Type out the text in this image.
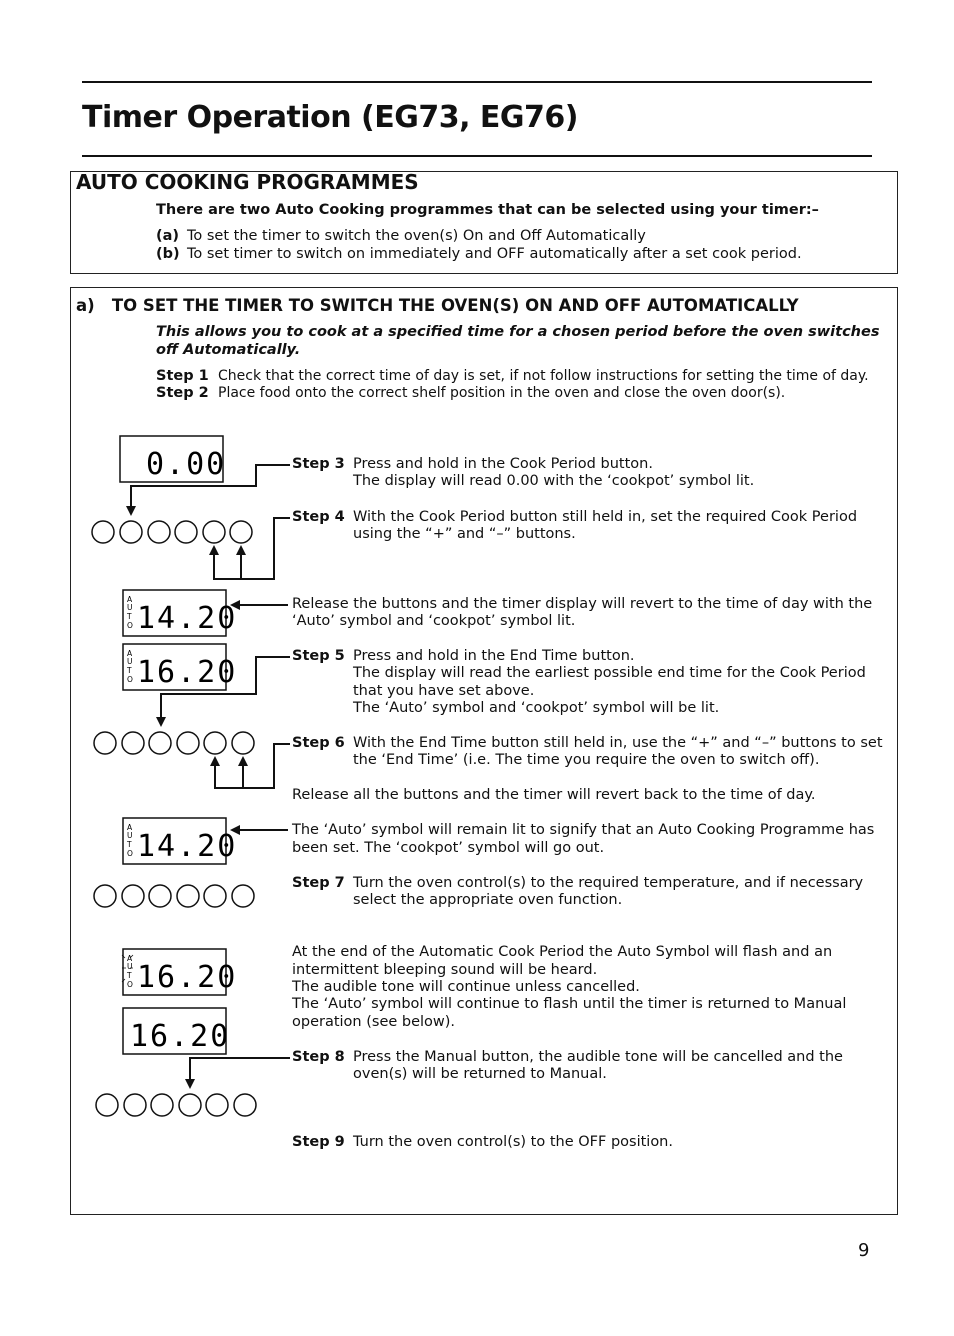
Timer Operation (EG73, EG76)
AUTO COOKING PROGRAMMES
There are two Auto Cooking programmes that can be selected using your timer:–
(a) To set the timer to switch the oven(s) On and Off Automatically
(b) To set timer to switch on immediately and OFF automatically after a set cook period.
a)   TO SET THE TIMER TO SWITCH THE OVEN(S) ON AND OFF AUTOMATICALLY
This allows you to cook at a specified time for a chosen period before the oven switches
off Automatically.
Step 1 Check that the correct time of day is set, if not follow instructions for setting the time of day.
Step 2 Place food onto the correct shelf position in the oven and close the oven door(s).
Step 3 Press and hold in the Cook Period button.
The display will read 0.00 with the ‘cookpot’ symbol lit.
Step 4 With the Cook Period button still held in, set the required Cook Period
using the “+” and “–” buttons.
Release the buttons and the timer display will revert to the time of day with the
‘Auto’ symbol and ‘cookpot’ symbol lit.
Step 5 Press and hold in the End Time button.
The display will read the earliest possible end time for the Cook Period
that you have set above.
The ‘Auto’ symbol and ‘cookpot’ symbol will be lit.
Step 6 With the End Time button still held in, use the “+” and “–” buttons to set
the ‘End Time’ (i.e. The time you require the oven to switch off).
Release all the buttons and the timer will revert back to the time of day.
The ‘Auto’ symbol will remain lit to signify that an Auto Cooking Programme has
been set. The ‘cookpot’ symbol will go out.
Step 7 Turn the oven control(s) to the required temperature, and if necessary
select the appropriate oven function.
At the end of the Automatic Cook Period the Auto Symbol will flash and an
intermittent bleeping sound will be heard.
The audible tone will continue unless cancelled.
The ‘Auto’ symbol will continue to flash until the timer is returned to Manual
operation (see below).
Step 8 Press the Manual button, the audible tone will be cancelled and the
oven(s) will be returned to Manual.
Step 9 Turn the oven control(s) to the OFF position.
9
0.00
14.20
A
U
T
O
16.20
A
U
T
O
14.20
A
U
T
O
16.20
A
U
T
O
16.20
